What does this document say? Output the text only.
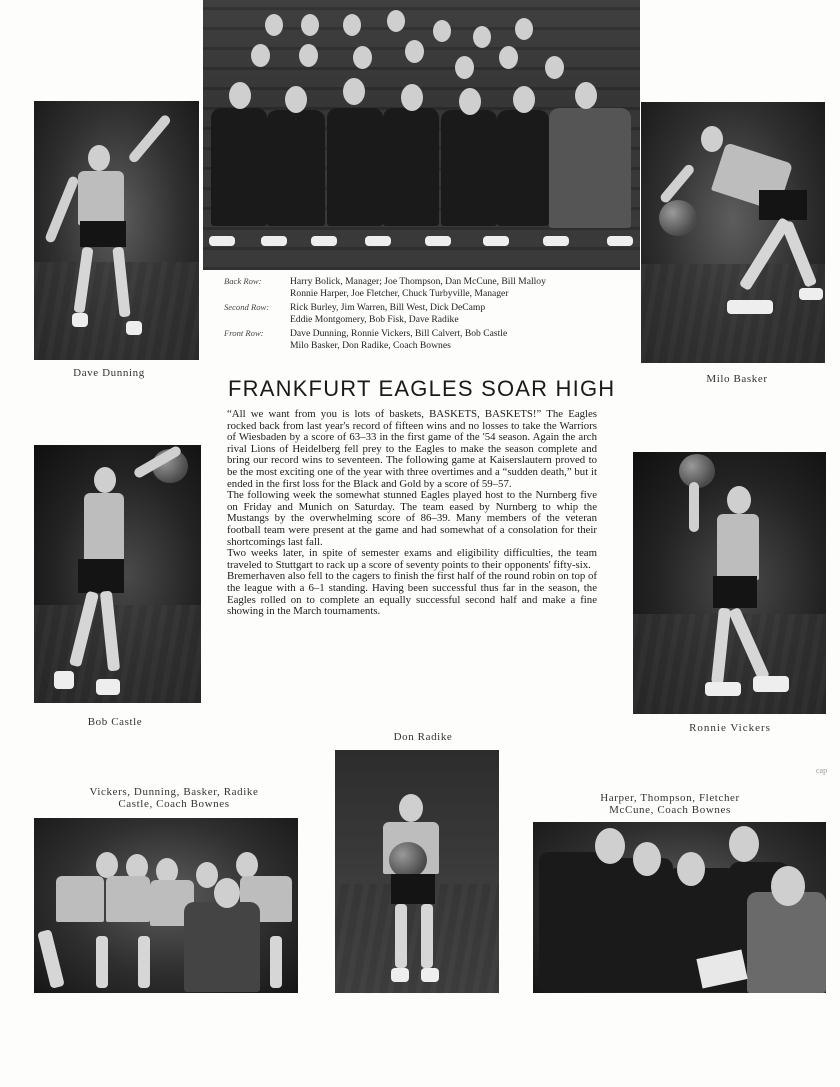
Back Row:	Harry Bolick, Manager; Joe Thompson, Dan McCune, Bill Malloy
Ronnie Harper, Joe Fletcher, Chuck Turbyville, Manager
Second Row:	Rick Burley, Jim Warren, Bill West, Dick DeCamp
Eddie Montgomery, Bob Fisk, Dave Radike
Front Row:	Dave Dunning, Ronnie Vickers, Bill Calvert, Bob Castle
Milo Basker, Don Radike, Coach Bownes
Dave Dunning	Milo Basker
FRANKFURT EAGLES SOAR HIGH

“All we want from you is lots of baskets, BASKETS, BASKETS!” The Eagles rocked back from last year's record of fifteen wins and no losses to take the Warriors of Wiesbaden by a score of 63–33 in the first game of the '54 season. Again the arch rival Lions of Heidelberg fell prey to the Eagles to make the season complete and bring our record wins to seventeen. The following game at Kaiserslautern proved to be the most exciting one of the year with three overtimes and a “sudden death,” but it ended in the first loss for the Black and Gold by a score of 59–57.

The following week the somewhat stunned Eagles played host to the Nurnberg five on Friday and Munich on Saturday. The team eased by Nurnberg to whip the Mustangs by the overwhelming score of 86–39. Many members of the veteran football team were present at the game and had somewhat of a consolation for their shortcomings last fall.

Two weeks later, in spite of semester exams and eligibility difficulties, the team traveled to Stuttgart to rack up a score of seventy points to their opponents' fifty-six.

Bremerhaven also fell to the cagers to finish the first half of the round robin on top of the league with a 6–1 standing. Having been successful thus far in the season, the Eagles rolled on to complete an equally successful second half and make a fine showing in the March tournaments.

Bob Castle	Ronnie Vickers
Don Radike
Vickers, Dunning, Basker, Radike
Castle, Coach Bownes	Harper, Thompson, Fletcher
McCune, Coach Bownes
cap
